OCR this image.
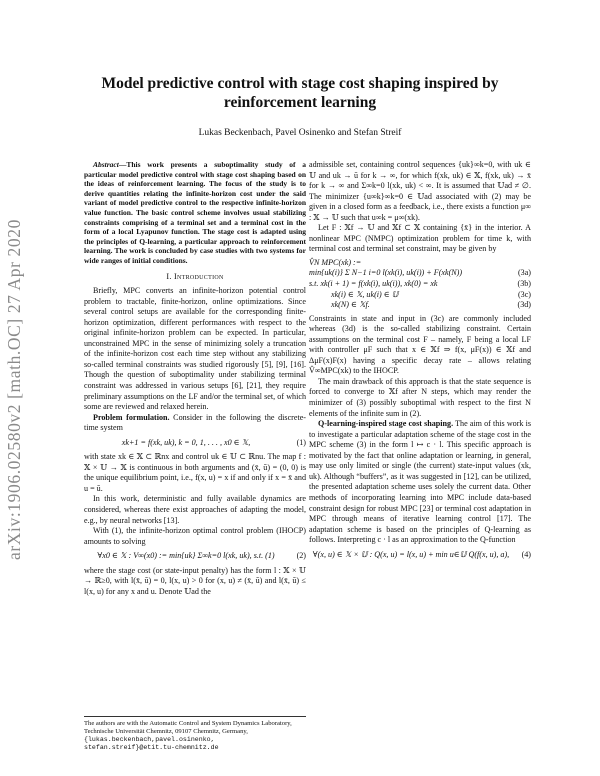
arXiv:1906.02580v2 [math.OC] 27 Apr 2020
Model predictive control with stage cost shaping inspired by reinforcement learning
Lukas Beckenbach, Pavel Osinenko and Stefan Streif

Abstract—This work presents a suboptimality study of a particular model predictive control with stage cost shaping based on the ideas of reinforcement learning. The focus of the study is to derive quantities relating the infinite-horizon cost under the said variant of model predictive control to the respective infinite-horizon value function. The basic control scheme involves usual stabilizing constraints comprising of a terminal set and a terminal cost in the form of a local Lyapunov function. The stage cost is adapted using the principles of Q-learning, a particular approach to reinforcement learning. The work is concluded by case studies with two systems for wide ranges of initial conditions.

I. Introduction

Briefly, MPC converts an infinite-horizon potential control problem to tractable, finite-horizon, online optimizations. Since several control setups are available for the corresponding finite-horizon optimization, different performances with respect to the original infinite-horizon problem can be expected. In particular, unconstrained MPC in the sense of minimizing solely a truncation of the infinite-horizon cost each time step without any stabilizing so-called terminal constraints was studied rigorously [5], [9], [16]. Though the question of suboptimality under stabilizing terminal constraint was addressed in various setups [6], [21], they require preliminary assumptions on the LF and/or the terminal set, of which some are reviewed and relaxed herein.

Problem formulation. Consider in the following the discrete-time system

xk+1 = f(xk, uk), k = 0, 1, . . . , x0 ∈ 𝕏,	(1)

with state xk ∈ 𝕏 ⊂ ℝnx and control uk ∈ 𝕌 ⊂ ℝnu. The map f : 𝕏 × 𝕌 → 𝕏 is continuous in both arguments and (x̄, ū) = (0, 0) is the unique equilibrium point, i.e., f(x, u) = x if and only if x = x̄ and u = ū.

In this work, deterministic and fully available dynamics are considered, whereas there exist approaches of adapting the model, e.g., by neural networks [13].

With (1), the infinite-horizon optimal control problem (IHOCP) amounts to solving

∀x0 ∈ 𝕏 : V∞(x0) := min{uk} Σ∞k=0 l(xk, uk), s.t. (1)	(2)

where the stage cost (or state-input penalty) has the form l : 𝕏 × 𝕌 → ℝ≥0, with l(x̄, ū) = 0, l(x, u) > 0 for (x, u) ≠ (x̄, ū) and l(x̄, ū) ≤ l(x, u) for any x and u. Denote 𝕌ad the

The authors are with the Automatic Control and System Dynamics Laboratory, Technische Universität Chemnitz, 09107 Chemnitz, Germany, {lukas.beckenbach,pavel.osinenko, stefan.streif}@etit.tu-chemnitz.de

admissible set, containing control sequences {uk}∞k=0, with uk ∈ 𝕌 and uk → ū for k → ∞, for which f(xk, uk) ∈ 𝕏, f(xk, uk) → x̄ for k → ∞ and Σ∞k=0 l(xk, uk) < ∞. It is assumed that 𝕌ad ≠ ∅. The minimizer {u∞k}∞k=0 ∈ 𝕌ad associated with (2) may be given in a closed form as a feedback, i.e., there exists a function μ∞ : 𝕏 → 𝕌 such that u∞k = μ∞(xk).

Let F : 𝕏f → 𝕌 and 𝕏f ⊂ 𝕏 containing {x̄} in the interior. A nonlinear MPC (NMPC) optimization problem for time k, with terminal cost and terminal set constraint, may be given by

V̂N MPC(xk) :=
min{uk(i)} Σ N−1 i=0 l(xk(i), uk(i)) + F(xk(N))	(3a)
s.t. xk(i + 1) = f(xk(i), uk(i)), xk(0) = xk	(3b)
xk(i) ∈ 𝕏, uk(i) ∈ 𝕌	(3c)
xk(N) ∈ 𝕏f.	(3d)

Constraints in state and input in (3c) are commonly included whereas (3d) is the so-called stabilizing constraint. Certain assumptions on the terminal cost F – namely, F being a local LF with controller μF such that x ∈ 𝕏f ⇒ f(x, μF(x)) ∈ 𝕏f and ΔμF(x)F(x) having a specific decay rate – allows relating V̂∞MPC(xk) to the IHOCP.

The main drawback of this approach is that the state sequence is forced to converge to 𝕏f after N steps, which may render the minimizer of (3) possibly suboptimal with respect to the first N elements of the infinite sum in (2).

Q-learning-inspired stage cost shaping. The aim of this work is to investigate a particular adaptation scheme of the stage cost in the MPC scheme (3) in the form l ↦ c · l. This specific approach is motivated by the fact that online adaptation or learning, in general, may use only limited or single (the current) state-input values (xk, uk). Although “buffers”, as it was suggested in [12], can be utilized, the presented adaptation scheme uses solely the current data. Other methods of incorporating learning into MPC include data-based constraint design for robust MPC [23] or terminal cost adaptation in MPC through means of iterative learning control [17]. The adaptation scheme is based on the principles of Q-learning as follows. Interpreting c · l as an approximation to the Q-function

∀(x, u) ∈ 𝕏 × 𝕌 : Q(x, u) = l(x, u) + min u∈𝕌 Q(f(x, u), a),	(4)
